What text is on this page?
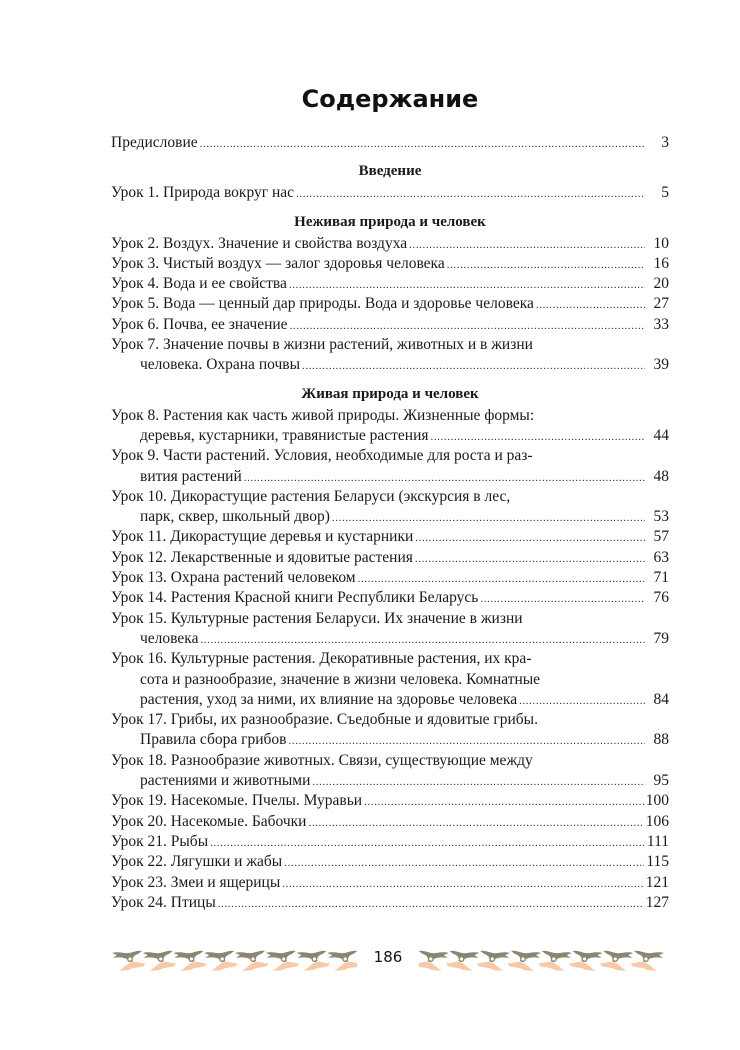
Содержание
Предисловие .....	3
Введение
Урок 1. Природа вокруг нас .....	5
Неживая природа и человек
Урок 2. Воздух. Значение и свойства воздуха .....	10
Урок 3. Чистый воздух — залог здоровья человека .....	16
Урок 4. Вода и ее свойства .....	20
Урок 5. Вода — ценный дар природы. Вода и здоровье человека .....	27
Урок 6. Почва, ее значение .....	33
Урок 7. Значение почвы в жизни растений, животных и в жизни
человека. Охрана почвы .....	39
Живая природа и человек
Урок 8. Растения как часть живой природы. Жизненные формы:
деревья, кустарники, травянистые растения .....	44
Урок 9. Части растений. Условия, необходимые для роста и раз-
вития растений .....	48
Урок 10. Дикорастущие растения Беларуси (экскурсия в лес,
парк, сквер, школьный двор) .....	53
Урок 11. Дикорастущие деревья и кустарники .....	57
Урок 12. Лекарственные и ядовитые растения .....	63
Урок 13. Охрана растений человеком .....	71
Урок 14. Растения Красной книги Республики Беларусь .....	76
Урок 15. Культурные растения Беларуси. Их значение в жизни
человека .....	79
Урок 16. Культурные растения. Декоративные растения, их кра-
сота и разнообразие, значение в жизни человека. Комнатные
растения, уход за ними, их влияние на здоровье человека .....	84
Урок 17. Грибы, их разнообразие. Съедобные и ядовитые грибы.
Правила сбора грибов .....	88
Урок 18. Разнообразие животных. Связи, существующие между
растениями и животными .....	95
Урок 19. Насекомые. Пчелы. Муравьи .....	100
Урок 20. Насекомые. Бабочки .....	106
Урок 21. Рыбы .....	111
Урок 22. Лягушки и жабы .....	115
Урок 23. Змеи и ящерицы .....	121
Урок 24. Птицы .....	127
186
